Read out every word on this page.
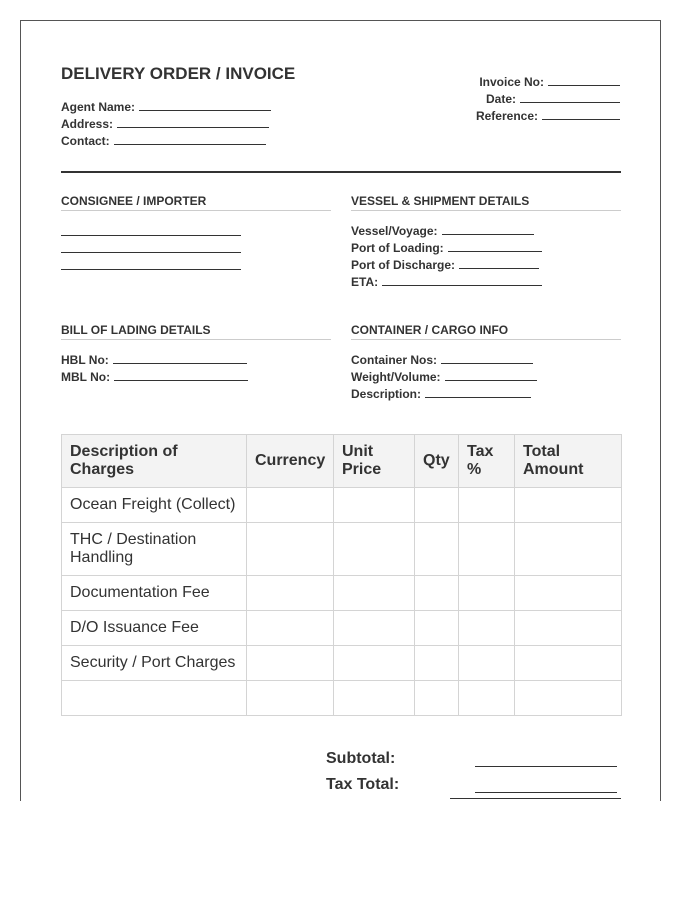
DELIVERY ORDER / INVOICE
Agent Name:
Address:
Contact:
Invoice No:
Date:
Reference:
CONSIGNEE / IMPORTER	VESSEL & SHIPMENT DETAILS
Vessel/Voyage:
Port of Loading:
Port of Discharge:
ETA:
BILL OF LADING DETAILS
HBL No:
MBL No:
CONTAINER / CARGO INFO
Container Nos:
Weight/Volume:
Description:
Description of Charges	Currency	Unit Price	Qty	Tax %	Total Amount
Ocean Freight (Collect)					
THC / Destination Handling					
Documentation Fee					
D/O Issuance Fee					
Security / Port Charges					

Subtotal:
Tax Total:
